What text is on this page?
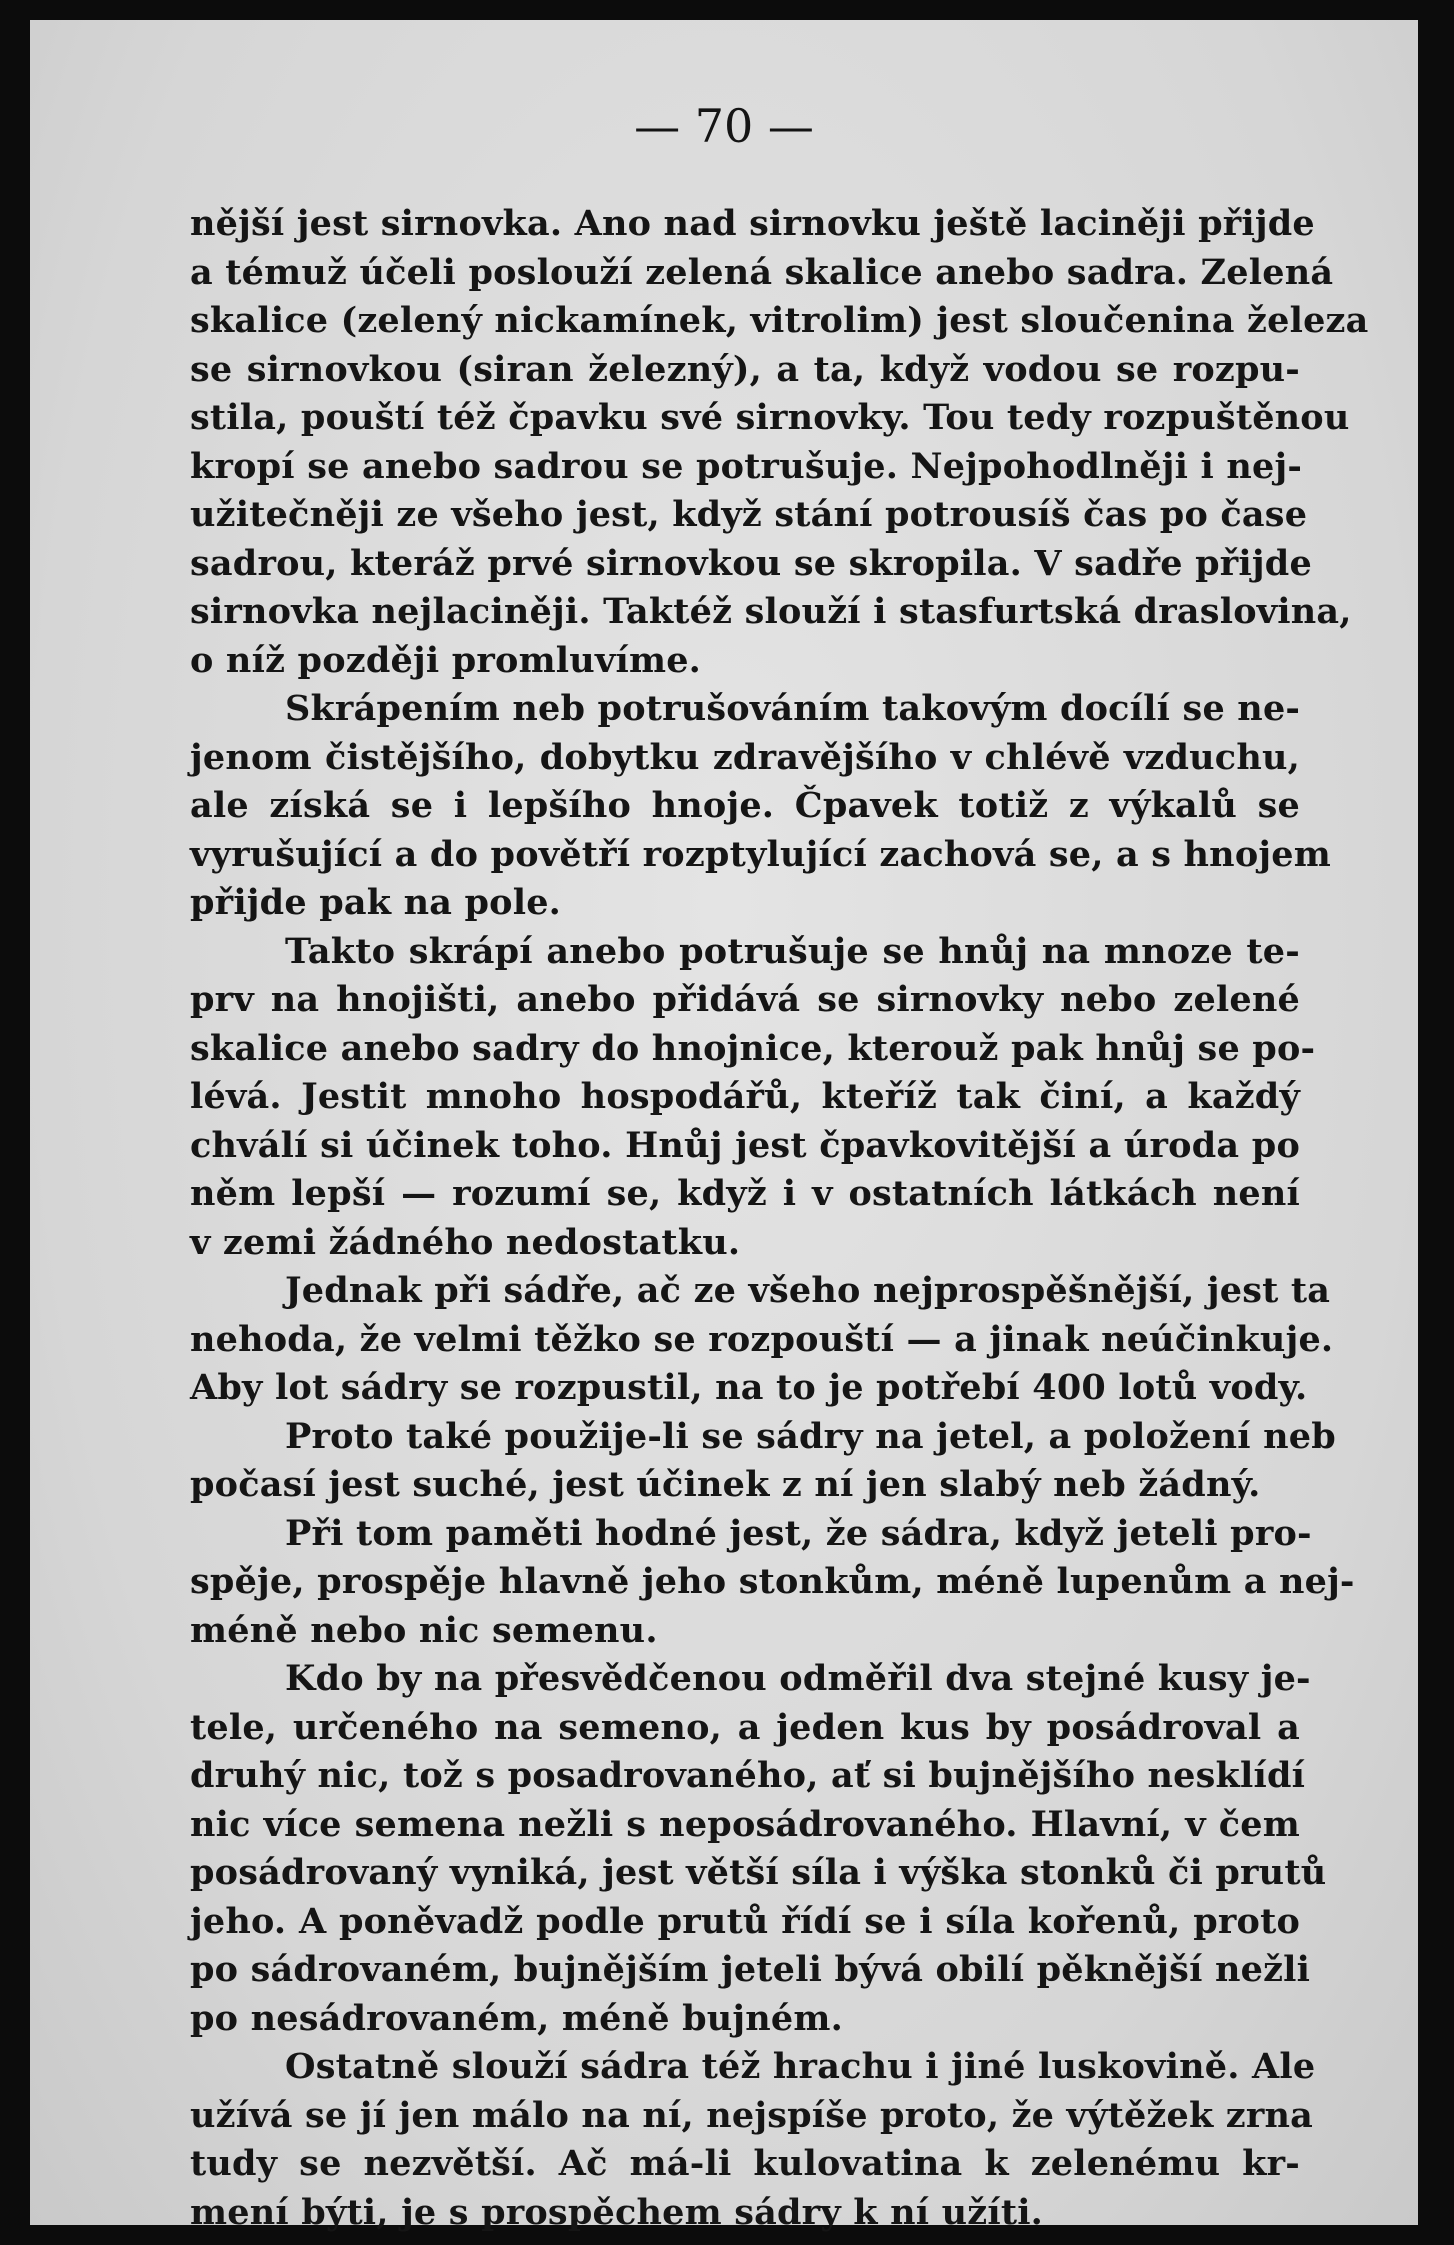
— 70 —
nější jest sirnovka. Ano nad sirnovku ještě laciněji přijde
a témuž účeli poslouží zelená skalice anebo sadra. Zelená
skalice (zelený nickamínek, vitrolim) jest sloučenina železa
se sirnovkou (siran železný), a ta, když vodou se rozpu-
stila, pouští též čpavku své sirnovky. Tou tedy rozpuštěnou
kropí se anebo sadrou se potrušuje. Nejpohodlněji i nej-
užitečněji ze všeho jest, když stání potrousíš čas po čase
sadrou, kteráž prvé sirnovkou se skropila. V sadře přijde
sirnovka nejlaciněji. Taktéž slouží i stasfurtská draslovina,
o níž později promluvíme.
Skrápením neb potrušováním takovým docílí se ne-
jenom čistějšího, dobytku zdravějšího v chlévě vzduchu,
ale získá se i lepšího hnoje. Čpavek totiž z výkalů se
vyrušující a do povětří rozptylující zachová se, a s hnojem
přijde pak na pole.
Takto skrápí anebo potrušuje se hnůj na mnoze te-
prv na hnojišti, anebo přidává se sirnovky nebo zelené
skalice anebo sadry do hnojnice, kterouž pak hnůj se po-
lévá. Jestit mnoho hospodářů, kteříž tak činí, a každý
chválí si účinek toho. Hnůj jest čpavkovitější a úroda po
něm lepší — rozumí se, když i v ostatních látkách není
v zemi žádného nedostatku.
Jednak při sádře, ač ze všeho nejprospěšnější, jest ta
nehoda, že velmi těžko se rozpouští — a jinak neúčinkuje.
Aby lot sádry se rozpustil, na to je potřebí 400 lotů vody.
Proto také použije-li se sádry na jetel, a položení neb
počasí jest suché, jest účinek z ní jen slabý neb žádný.
Při tom paměti hodné jest, že sádra, když jeteli pro-
spěje, prospěje hlavně jeho stonkům, méně lupenům a nej-
méně nebo nic semenu.
Kdo by na přesvědčenou odměřil dva stejné kusy je-
tele, určeného na semeno, a jeden kus by posádroval a
druhý nic, tož s posadrovaného, ať si bujnějšího nesklídí
nic více semena nežli s neposádrovaného. Hlavní, v čem
posádrovaný vyniká, jest větší síla i výška stonků či prutů
jeho. A poněvadž podle prutů řídí se i síla kořenů, proto
po sádrovaném, bujnějším jeteli bývá obilí pěknější nežli
po nesádrovaném, méně bujném.
Ostatně slouží sádra též hrachu i jiné luskovině. Ale
užívá se jí jen málo na ní, nejspíše proto, že výtěžek zrna
tudy se nezvětší. Ač má-li kulovatina k zelenému kr-
mení býti, je s prospěchem sádry k ní užíti.
